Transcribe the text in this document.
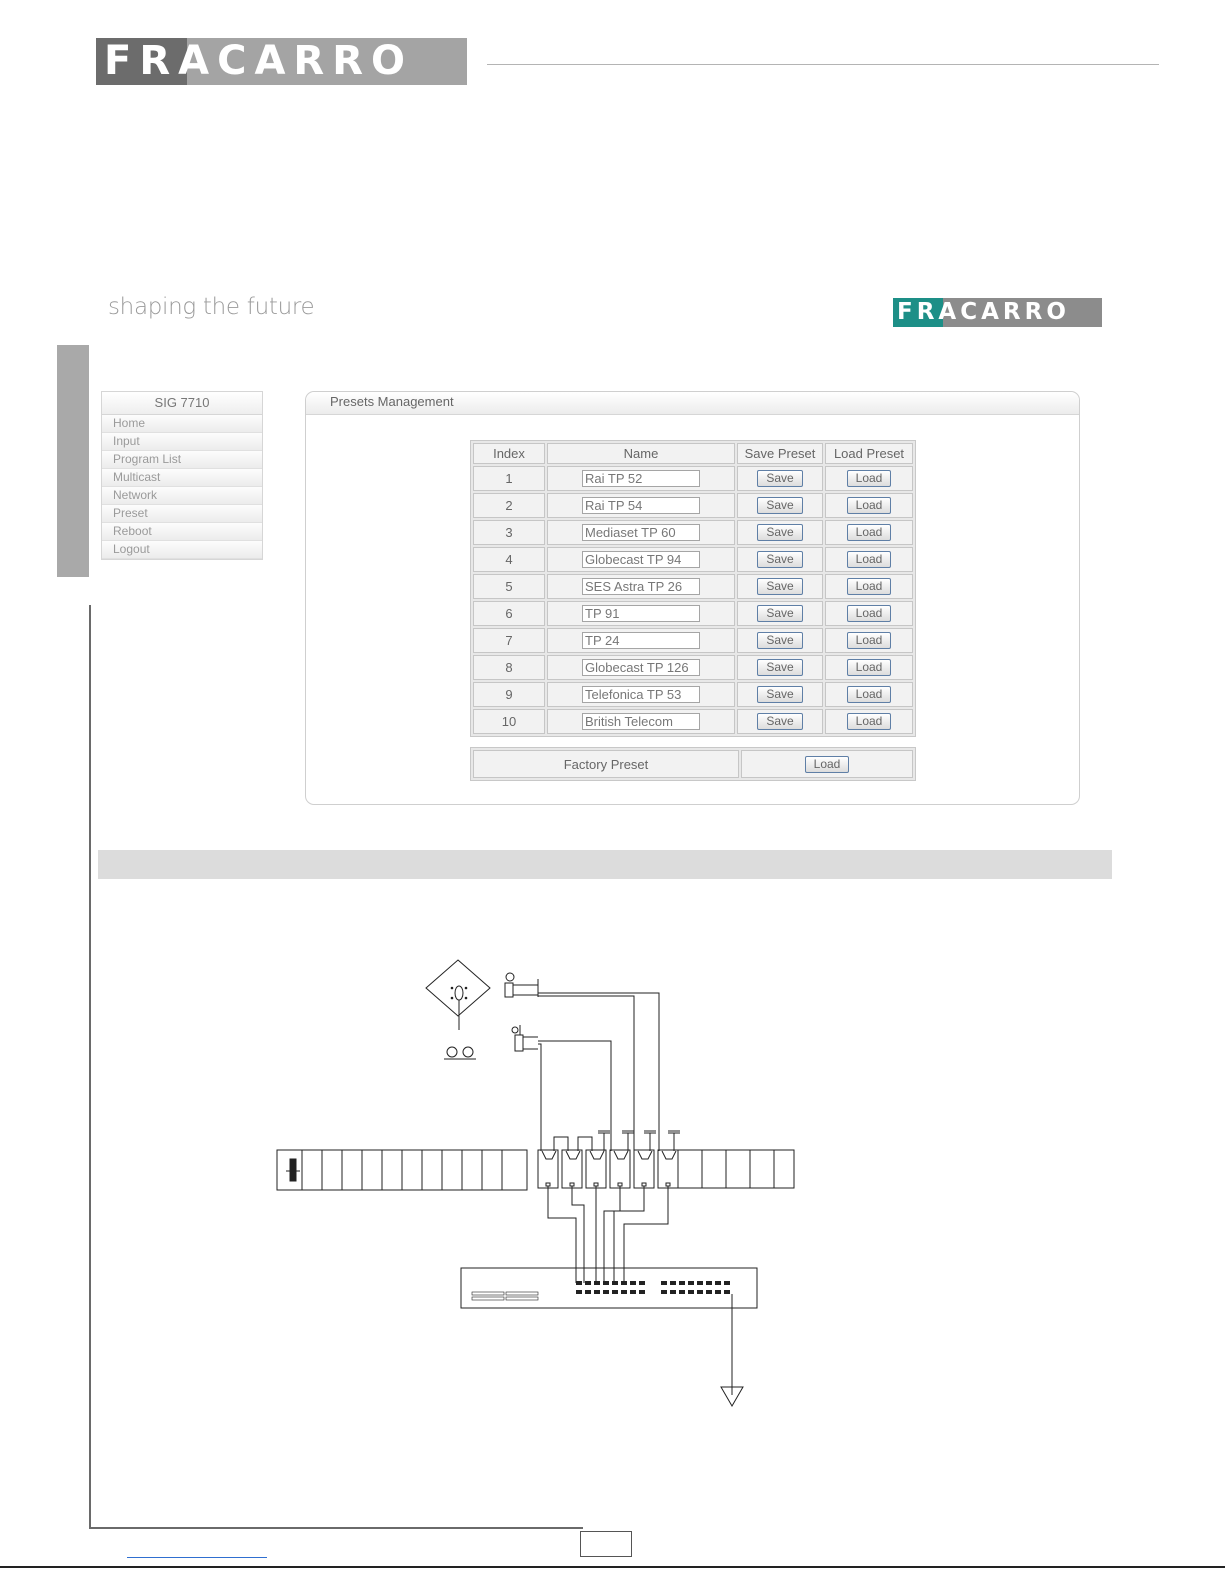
FRACARRO
shaping the future	FRACARRO
SIG 7710
Home
Input
Program List
Multicast
Network
Preset
Reboot
Logout
Presets Management
Index	Name	Save Preset	Load Preset
1	Rai TP 52	Save	Load
2	Rai TP 54	Save	Load
3	Mediaset TP 60	Save	Load
4	Globecast TP 94	Save	Load
5	SES Astra TP 26	Save	Load
6	TP 91	Save	Load
7	TP 24	Save	Load
8	Globecast TP 126	Save	Load
9	Telefonica TP 53	Save	Load
10	British Telecom	Save	Load
Factory Preset	Load
